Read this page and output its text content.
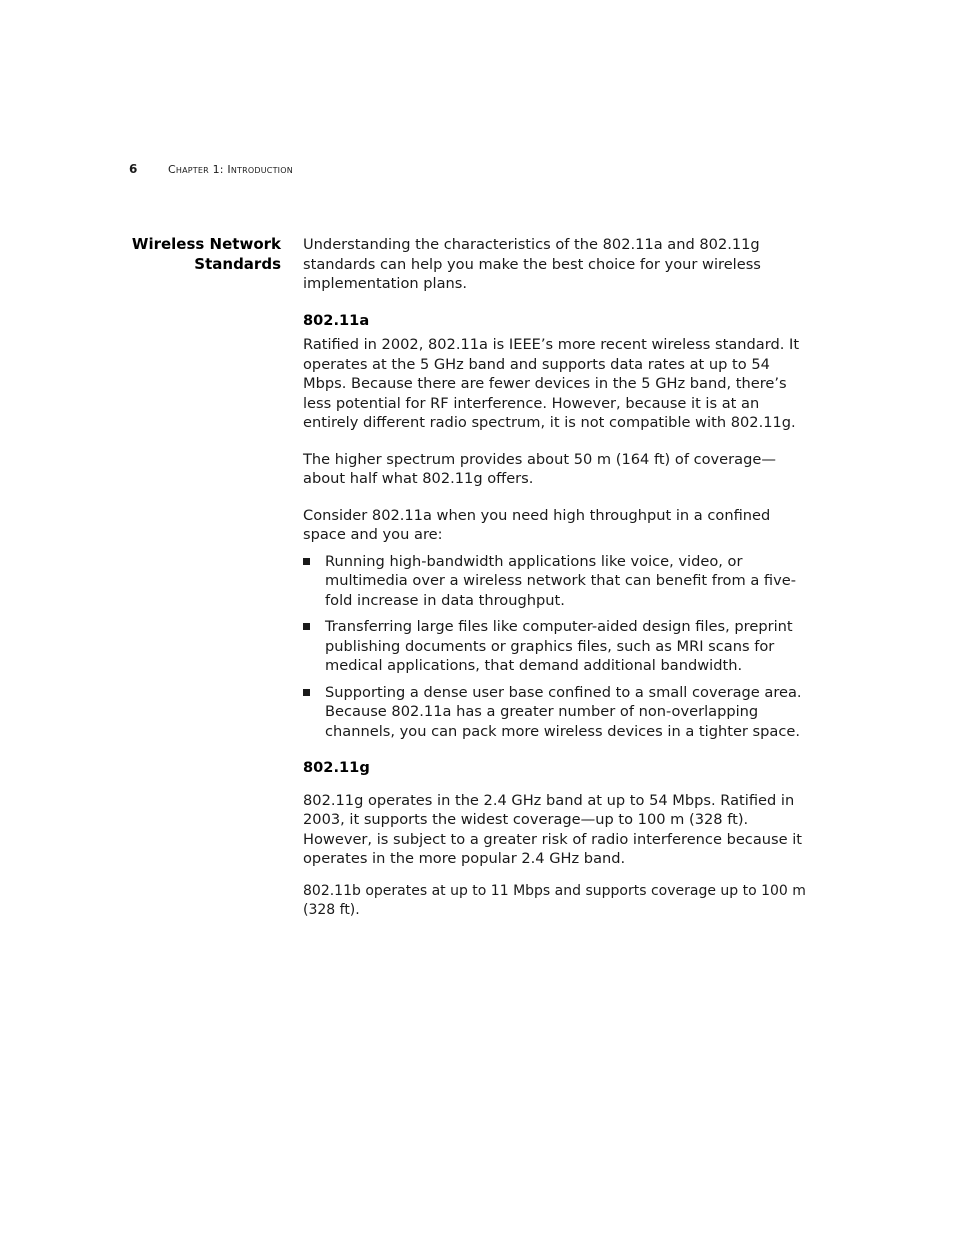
6	Chapter 1: Introduction
Wireless Network
Standards

Understanding the characteristics of the 802.11a and 802.11g standards can help you make the best choice for your wireless implementation plans.

802.11a

Ratified in 2002, 802.11a is IEEE’s more recent wireless standard. It operates at the 5 GHz band and supports data rates at up to 54 Mbps. Because there are fewer devices in the 5 GHz band, there’s less potential for RF interference. However, because it is at an entirely different radio spectrum, it is not compatible with 802.11g.

The higher spectrum provides about 50 m (164 ft) of coverage—about half what 802.11g offers.

Consider 802.11a when you need high throughput in a confined space and you are:

Running high-bandwidth applications like voice, video, or multimedia over a wireless network that can benefit from a five-fold increase in data throughput.
Transferring large files like computer-aided design files, preprint publishing documents or graphics files, such as MRI scans for medical applications, that demand additional bandwidth.
Supporting a dense user base confined to a small coverage area. Because 802.11a has a greater number of non-overlapping channels, you can pack more wireless devices in a tighter space.
802.11g

802.11g operates in the 2.4 GHz band at up to 54 Mbps. Ratified in 2003, it supports the widest coverage—up to 100 m (328 ft). However, is subject to a greater risk of radio interference because it operates in the more popular 2.4 GHz band.

802.11b operates at up to 11 Mbps and supports coverage up to 100 m (328 ft).
